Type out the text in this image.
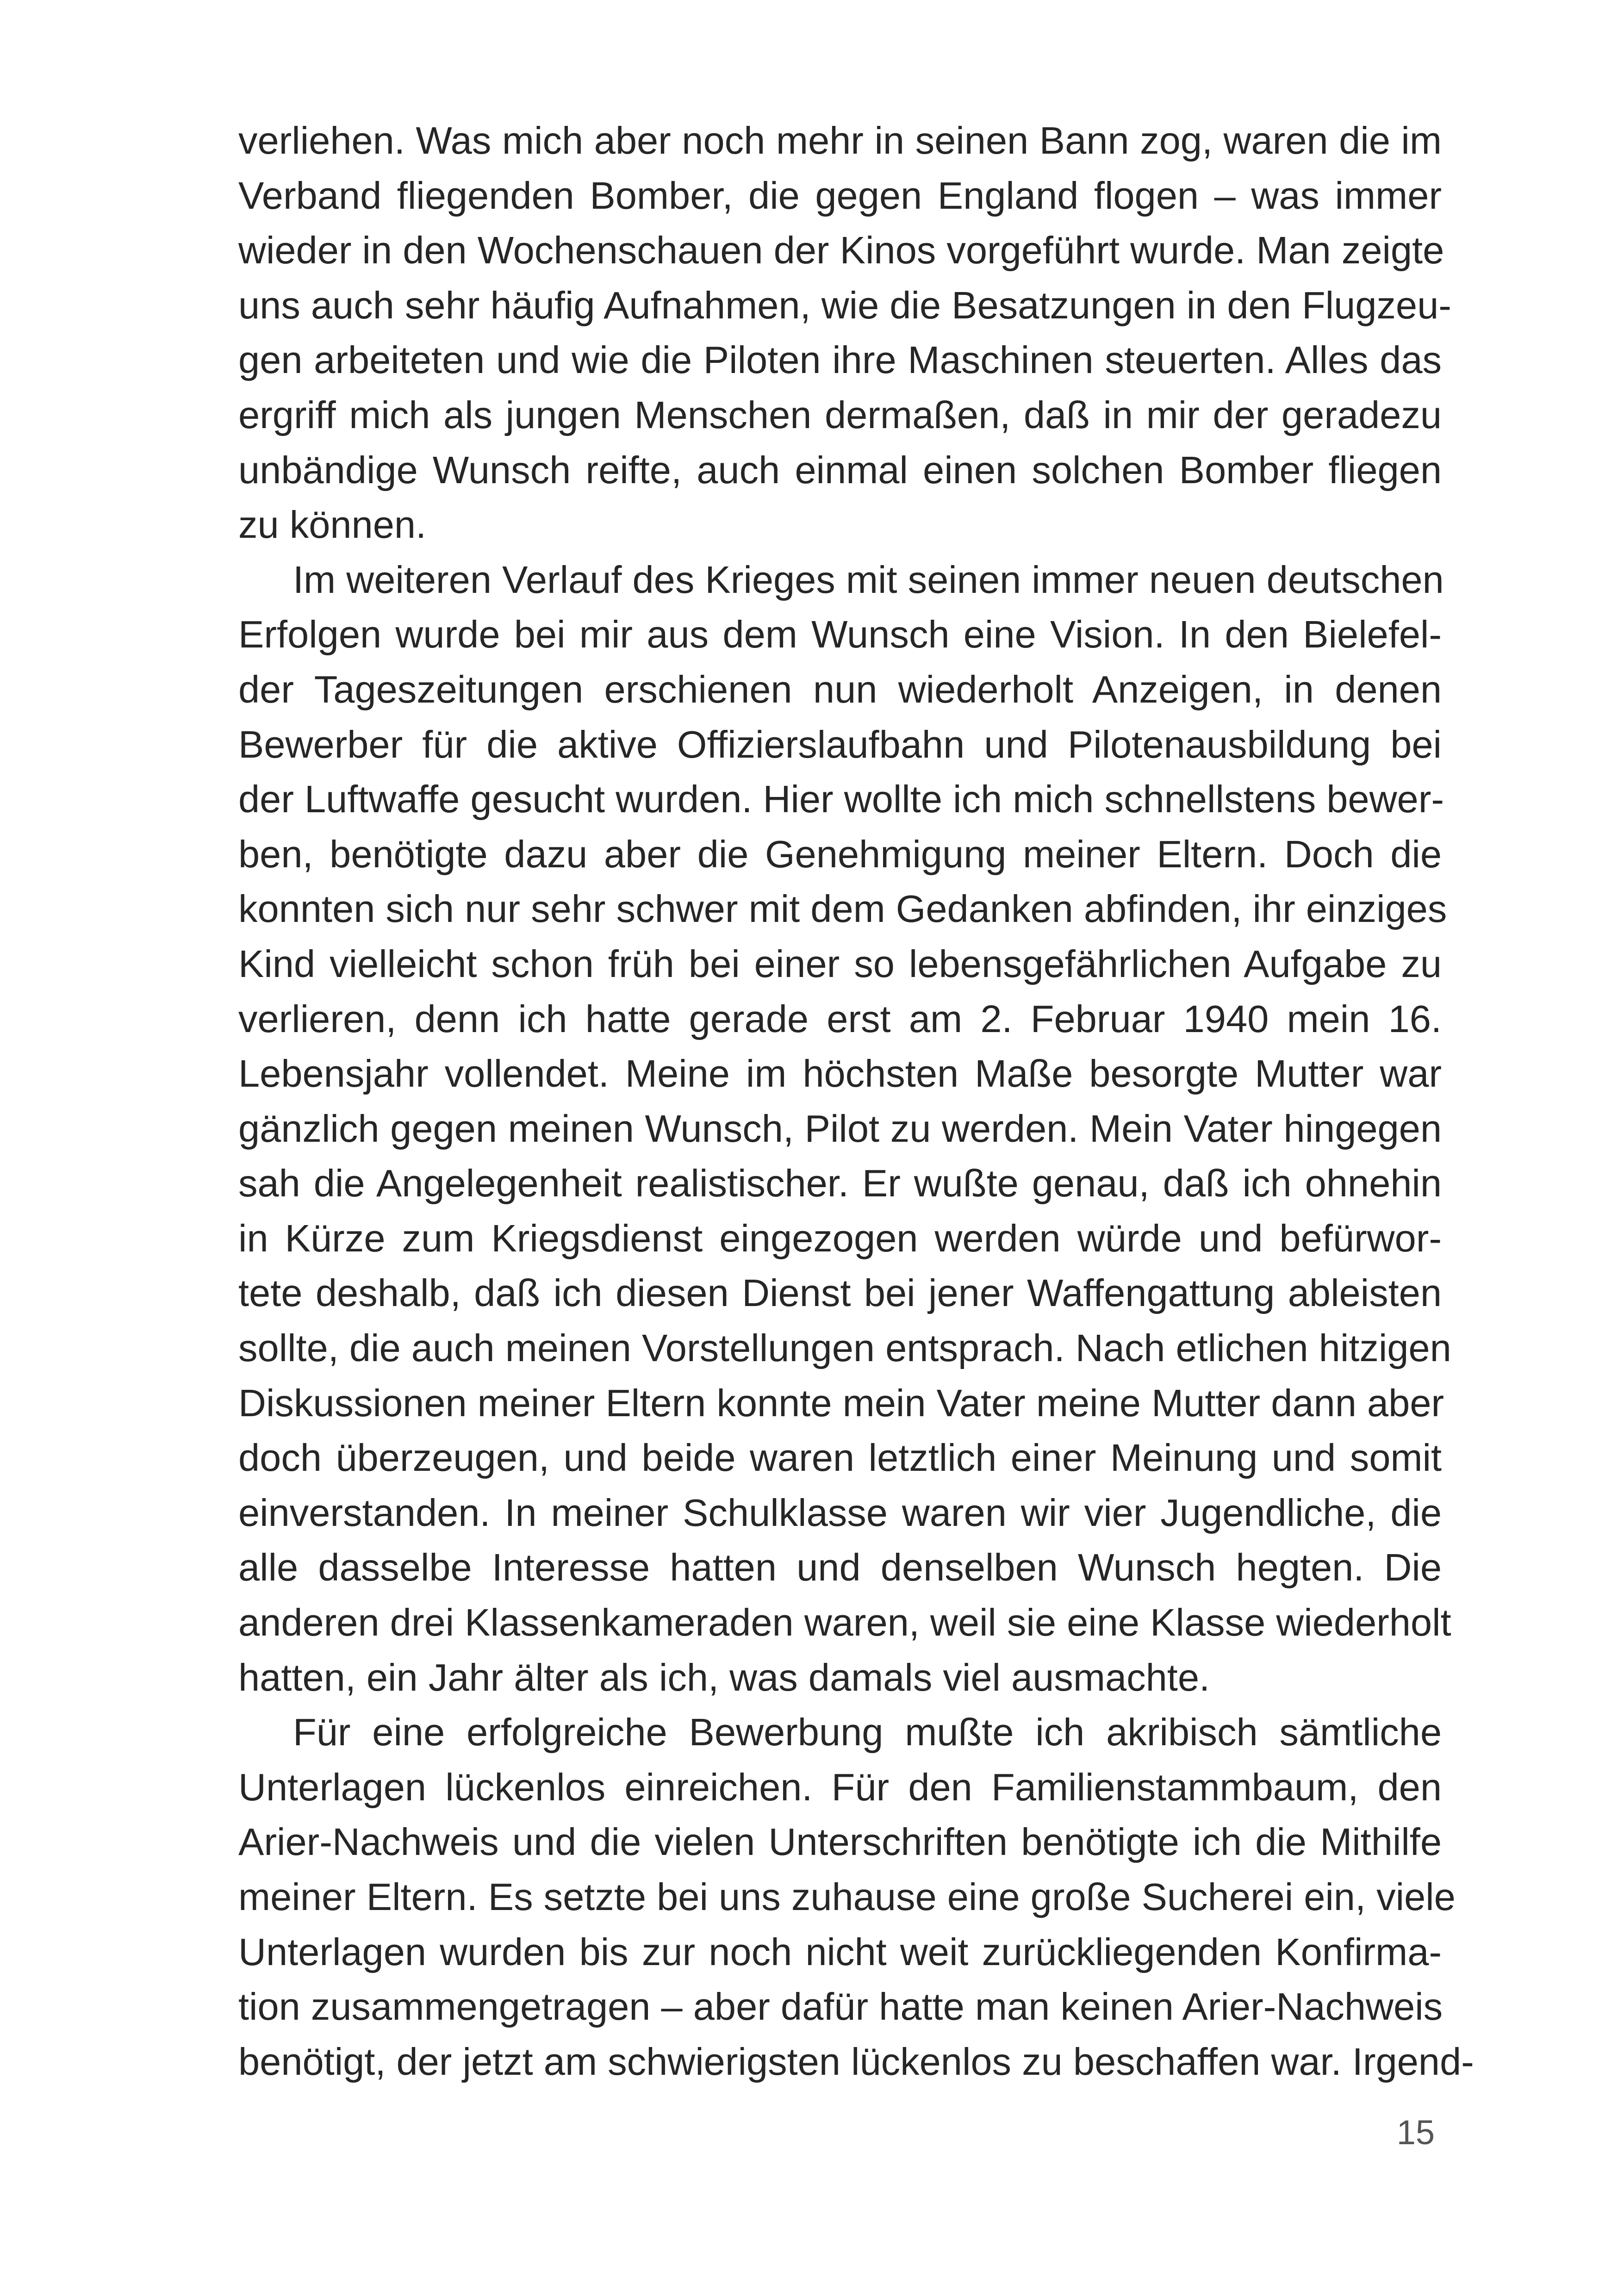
verliehen. Was mich aber noch mehr in seinen Bann zog, waren die im
Verband fliegenden Bomber, die gegen England flogen – was immer
wieder in den Wochenschauen der Kinos vorgeführt wurde. Man zeigte
uns auch sehr häufig Aufnahmen, wie die Besatzungen in den Flugzeu-
gen arbeiteten und wie die Piloten ihre Maschinen steuerten. Alles das
ergriff mich als jungen Menschen dermaßen, daß in mir der geradezu
unbändige Wunsch reifte, auch einmal einen solchen Bomber fliegen
zu können.
Im weiteren Verlauf des Krieges mit seinen immer neuen deutschen
Erfolgen wurde bei mir aus dem Wunsch eine Vision. In den Bielefel-
der Tageszeitungen erschienen nun wiederholt Anzeigen, in denen
Bewerber für die aktive Offizierslaufbahn und Pilotenausbildung bei
der Luftwaffe gesucht wurden. Hier wollte ich mich schnellstens bewer-
ben, benötigte dazu aber die Genehmigung meiner Eltern. Doch die
konnten sich nur sehr schwer mit dem Gedanken abfinden, ihr einziges
Kind vielleicht schon früh bei einer so lebensgefährlichen Aufgabe zu
verlieren, denn ich hatte gerade erst am 2. Februar 1940 mein 16.
Lebensjahr vollendet. Meine im höchsten Maße besorgte Mutter war
gänzlich gegen meinen Wunsch, Pilot zu werden. Mein Vater hingegen
sah die Angelegenheit realistischer. Er wußte genau, daß ich ohnehin
in Kürze zum Kriegsdienst eingezogen werden würde und befürwor-
tete deshalb, daß ich diesen Dienst bei jener Waffengattung ableisten
sollte, die auch meinen Vorstellungen entsprach. Nach etlichen hitzigen
Diskussionen meiner Eltern konnte mein Vater meine Mutter dann aber
doch überzeugen, und beide waren letztlich einer Meinung und somit
einverstanden. In meiner Schulklasse waren wir vier Jugendliche, die
alle dasselbe Interesse hatten und denselben Wunsch hegten. Die
anderen drei Klassenkameraden waren, weil sie eine Klasse wiederholt
hatten, ein Jahr älter als ich, was damals viel ausmachte.
Für eine erfolgreiche Bewerbung mußte ich akribisch sämtliche
Unterlagen lückenlos einreichen. Für den Familienstammbaum, den
Arier-Nachweis und die vielen Unterschriften benötigte ich die Mithilfe
meiner Eltern. Es setzte bei uns zuhause eine große Sucherei ein, viele
Unterlagen wurden bis zur noch nicht weit zurückliegenden Konfirma-
tion zusammengetragen – aber dafür hatte man keinen Arier-Nachweis
benötigt, der jetzt am schwierigsten lückenlos zu beschaffen war. Irgend-
15
